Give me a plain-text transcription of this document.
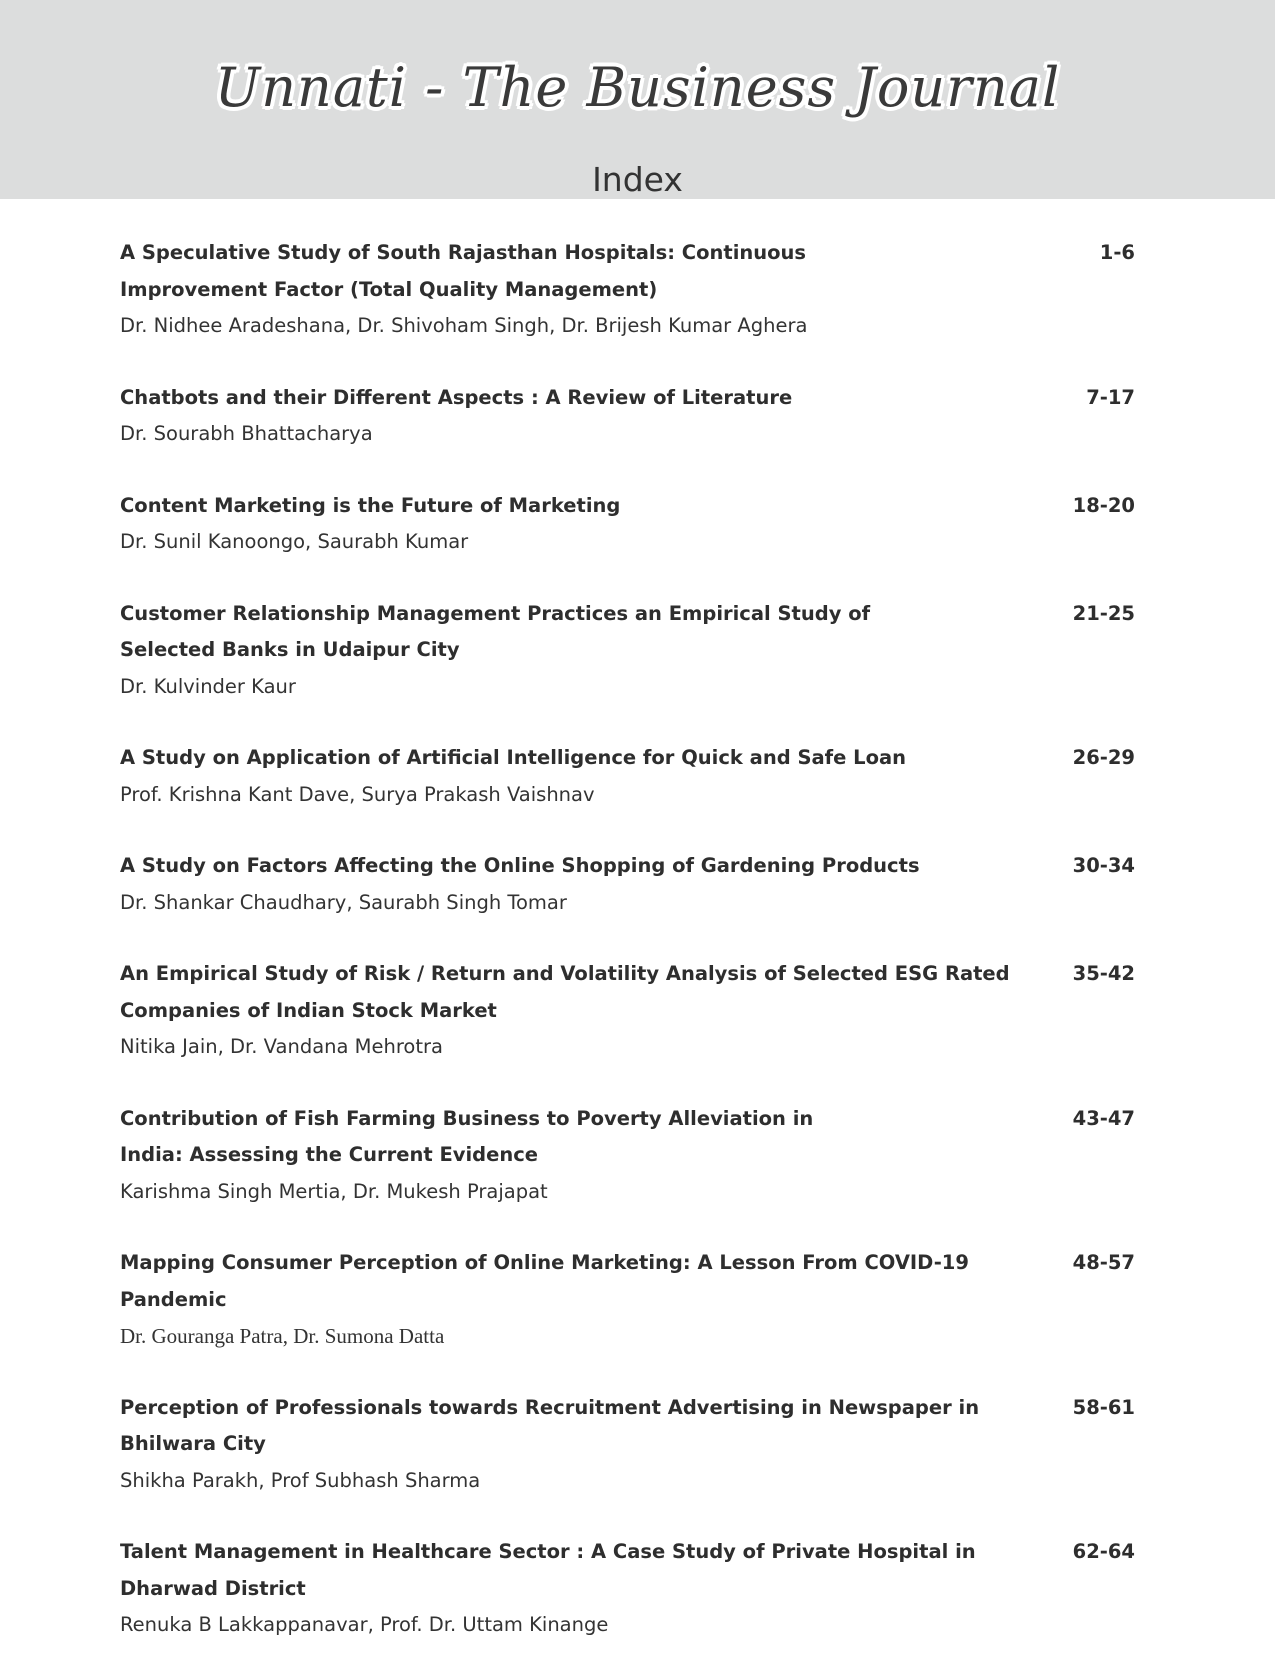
Unnati - The Business Journal
Index
A Speculative Study of South Rajasthan Hospitals: Continuous
Improvement Factor (Total Quality Management)
1-6
Dr. Nidhee Aradeshana, Dr. Shivoham Singh, Dr. Brijesh Kumar Aghera
Chatbots and their Different Aspects : A Review of Literature	7-17
Dr. Sourabh Bhattacharya
Content Marketing is the Future of Marketing	18-20
Dr. Sunil Kanoongo, Saurabh Kumar
Customer Relationship Management Practices an Empirical Study of
Selected Banks in Udaipur City
21-25
Dr. Kulvinder Kaur
A Study on Application of Artificial Intelligence for Quick and Safe Loan	26-29
Prof. Krishna Kant Dave, Surya Prakash Vaishnav
A Study on Factors Affecting the Online Shopping of Gardening Products	30-34
Dr. Shankar Chaudhary, Saurabh Singh Tomar
An Empirical Study of Risk / Return and Volatility Analysis of Selected ESG Rated
Companies of Indian Stock Market
35-42
Nitika Jain, Dr. Vandana Mehrotra
Contribution of Fish Farming Business to Poverty Alleviation in
India: Assessing the Current Evidence
43-47
Karishma Singh Mertia, Dr. Mukesh Prajapat
Mapping Consumer Perception of Online Marketing: A Lesson From COVID-19 Pandemic
48-57
Dr. Gouranga Patra, Dr. Sumona Datta
Perception of Professionals towards Recruitment Advertising in Newspaper in Bhilwara City
58-61
Shikha Parakh, Prof Subhash Sharma
Talent Management in Healthcare Sector : A Case Study of Private Hospital in Dharwad District
62-64
Renuka B Lakkappanavar, Prof. Dr. Uttam Kinange
